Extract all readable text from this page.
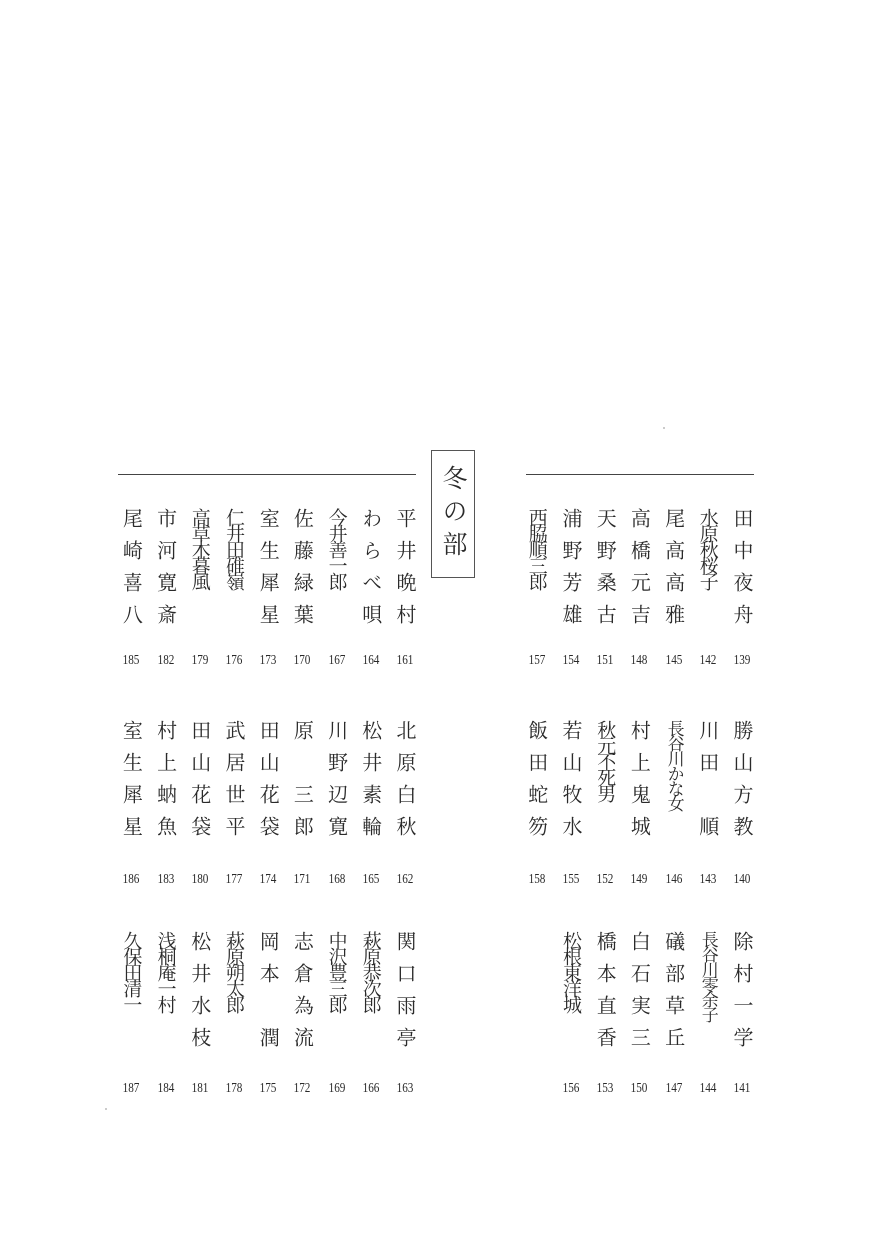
冬の部	田中夜舟
139
水原秋桜子
142
尾高高雅
145
高橋元吉
148
天野桑古
151
浦野芳雄
154
西脇順三郎
157
平井晩村
161
わらべ唄
164
今井善一郎
167
佐藤緑葉
170
室生犀星
173
仁井田碓嶺
176
高草木暮風
179
市河寛斎
182
尾崎喜八
185
勝山方教
140
川田　順
143
長谷川かな女
146
村上鬼城
149
秋元不死男
152
若山牧水
155
飯田蛇笏
158
北原白秋
162
松井素輪
165
川野辺寛
168
原　三郎
171
田山花袋
174
武居世平
177
田山花袋
180
村上蚋魚
183
室生犀星
186
除村一学
141
長谷川零余子
144
礒部草丘
147
白石実三
150
橋本直香
153
松根東洋城
156
関口雨亭
163
萩原恭次郎
166
中沢豊三郎
169
志倉為流
172
岡本　潤
175
萩原朔太郎
178
松井水枝
181
浅桐庵一村
184
久保田清一
187
